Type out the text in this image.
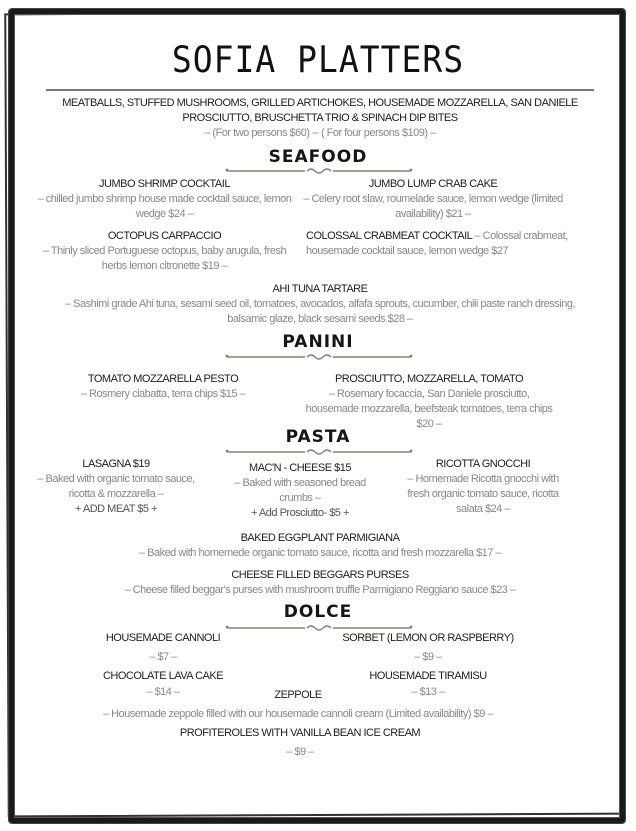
SOFIA PLATTERS
MEATBALLS, STUFFED MUSHROOMS, GRILLED ARTICHOKES, HOUSEMADE MOZZARELLA, SAN DANIELE PROSCIUTTO, BRUSCHETTA TRIO & SPINACH DIP BITES
– (For two persons $60) -- ( For four persons $109) –
SEAFOOD
JUMBO SHRIMP COCKTAIL
– chilled jumbo shrimp house made cocktail sauce, lemon wedge $24 –
JUMBO LUMP CRAB CAKE
– Celery root slaw, roumelade sauce, lemon wedge (limited availability) $21 –
OCTOPUS CARPACCIO
– Thinly sliced Portuguese octopus, baby arugula, fresh herbs lemon citronette $19 –
COLOSSAL CRABMEAT COCKTAIL – Colossal crabmeat, housemade cocktail sauce, lemon wedge $27
AHI TUNA TARTARE
– Sashimi grade Ahi tuna, sesami seed oil, tomatoes, avocados, alfafa sprouts, cucumber, chili paste ranch dressing, balsamic glaze, black sesami seeds $28 –
PANINI
TOMATO MOZZARELLA PESTO
– Rosmery ciabatta, terra chips $15 –
PROSCIUTTO, MOZZARELLA, TOMATO
– Rosemary focaccia, San Daniele prosciutto, housemade mozzarella, beefsteak tomatoes, terra chips $20 –
PASTA
LASAGNA $19
– Baked with organic tomato sauce, ricotta & mozzarella –
+ ADD MEAT $5 +
MAC'N - CHEESE $15
– Baked with seasoned bread crumbs –
+ Add Prosciutto- $5 +
RICOTTA GNOCCHI
– Homemade Ricotta gnocchi with fresh organic tomato sauce, ricotta salata $24 –
BAKED EGGPLANT PARMIGIANA
– Baked with homemede organic tomato sauce, ricotta and fresh mozzarella $17 –
CHEESE FILLED BEGGARS PURSES
– Cheese filled beggar's purses with mushroom truffle Parmigiano Reggiano sauce $23 –
DOLCE
HOUSEMADE CANNOLI
– $7 –
SORBET (LEMON OR RASPBERRY)
– $9 –
CHOCOLATE LAVA CAKE
– $14 –
HOUSEMADE TIRAMISU
– $13 –
ZEPPOLE
– Housemade zeppole filled with our housemade cannoli cream (Limited availability) $9 –
PROFITEROLES WITH VANILLA BEAN ICE CREAM
– $9 –
